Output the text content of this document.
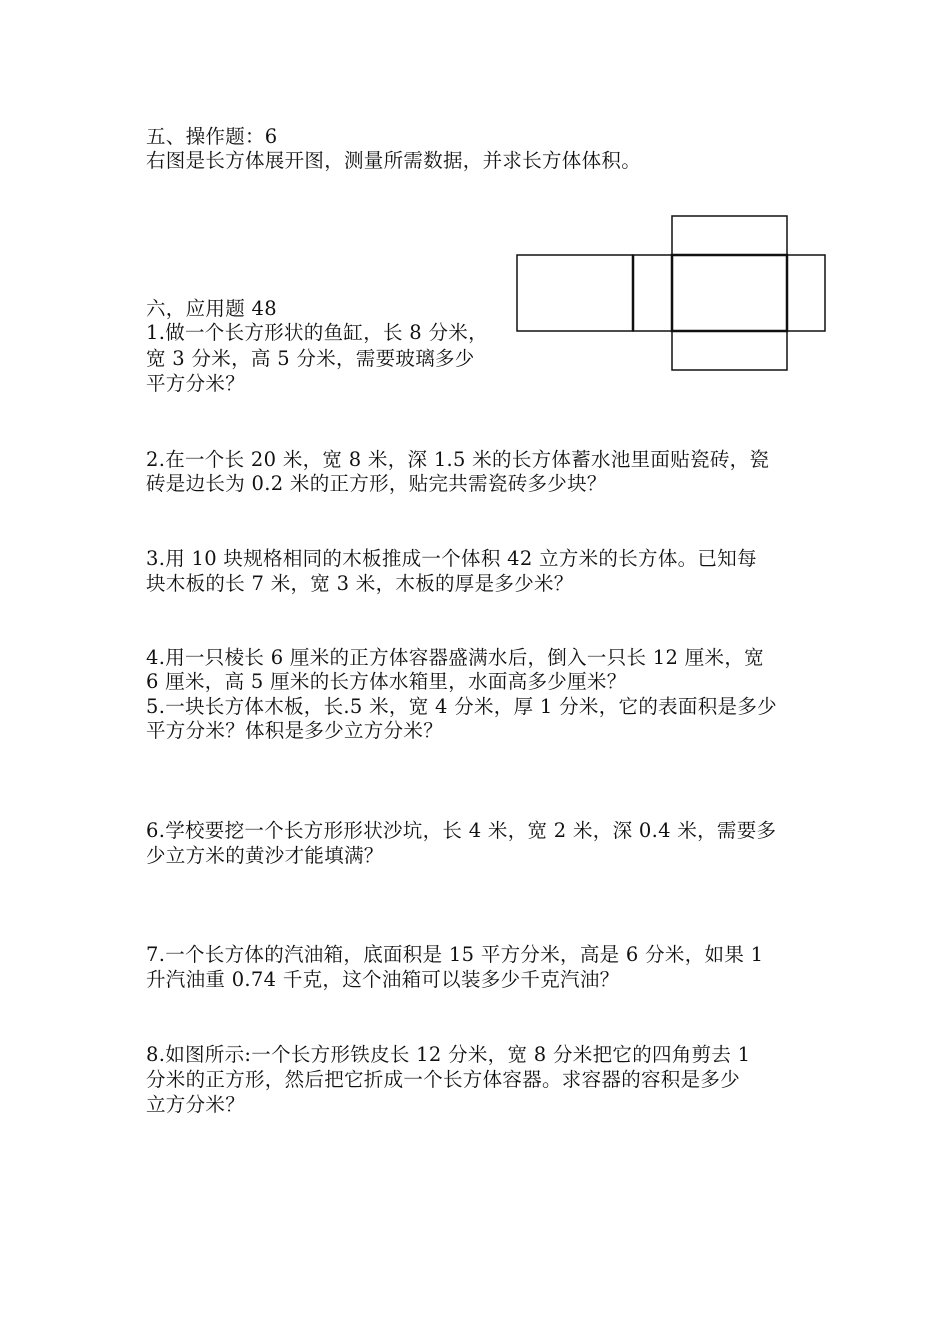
五、操作题：6
右图是长方体展开图，测量所需数据，并求长方体体积。
六，应用题 48
1.做一个长方形状的鱼缸，长 8 分米，
宽 3 分米，高 5 分米，需要玻璃多少
平方分米？
2.在一个长 20 米，宽 8 米，深 1.5 米的长方体蓄水池里面贴瓷砖，瓷
砖是边长为 0.2 米的正方形，贴完共需瓷砖多少块？
3.用 10 块规格相同的木板推成一个体积 42 立方米的长方体。已知每
块木板的长 7 米，宽 3 米，木板的厚是多少米？
4.用一只棱长 6 厘米的正方体容器盛满水后，倒入一只长 12 厘米，宽
6 厘米，高 5 厘米的长方体水箱里，水面高多少厘米？
5.一块长方体木板，长.5 米，宽 4 分米，厚 1 分米，它的表面积是多少
平方分米？体积是多少立方分米？
6.学校要挖一个长方形形状沙坑，长 4 米，宽 2 米，深 0.4 米，需要多
少立方米的黄沙才能填满？
7.一个长方体的汽油箱，底面积是 15 平方分米，高是 6 分米，如果 1
升汽油重 0.74 千克，这个油箱可以装多少千克汽油？
8.如图所示:一个长方形铁皮长 12 分米，宽 8 分米把它的四角剪去 1
分米的正方形，然后把它折成一个长方体容器。求容器的容积是多少
立方分米？
